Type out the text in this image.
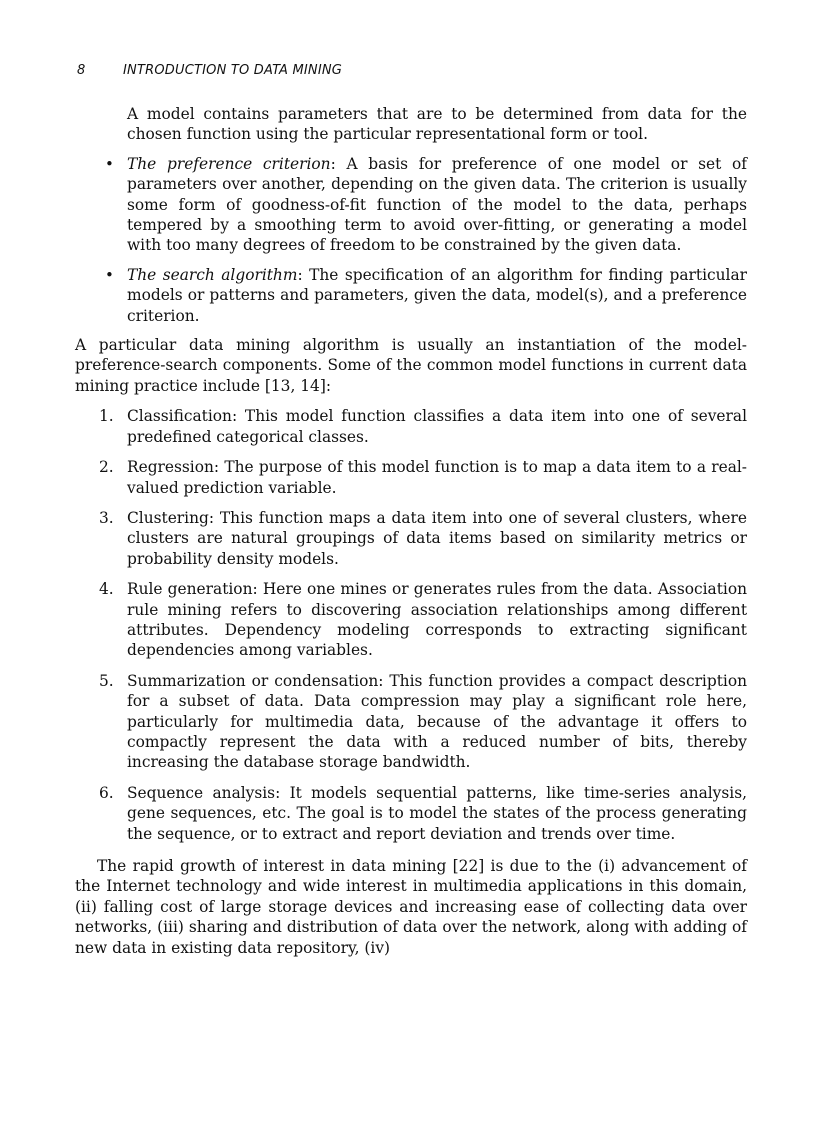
8	INTRODUCTION TO DATA MINING

A model contains parameters that are to be determined from data for the chosen function using the particular representational form or tool.

• The preference criterion: A basis for preference of one model or set of parameters over another, depending on the given data. The criterion is usually some form of goodness-of-fit function of the model to the data, perhaps tempered by a smoothing term to avoid over-fitting, or generating a model with too many degrees of freedom to be constrained by the given data.
• The search algorithm: The specification of an algorithm for finding particular models or patterns and parameters, given the data, model(s), and a preference criterion.

A particular data mining algorithm is usually an instantiation of the model-preference-search components. Some of the common model functions in current data mining practice include [13, 14]:

1. Classification: This model function classifies a data item into one of several predefined categorical classes.
2. Regression: The purpose of this model function is to map a data item to a real-valued prediction variable.
3. Clustering: This function maps a data item into one of several clusters, where clusters are natural groupings of data items based on similarity metrics or probability density models.
4. Rule generation: Here one mines or generates rules from the data. Association rule mining refers to discovering association relationships among different attributes. Dependency modeling corresponds to extracting significant dependencies among variables.
5. Summarization or condensation: This function provides a compact description for a subset of data. Data compression may play a significant role here, particularly for multimedia data, because of the advantage it offers to compactly represent the data with a reduced number of bits, thereby increasing the database storage bandwidth.
6. Sequence analysis: It models sequential patterns, like time-series analysis, gene sequences, etc. The goal is to model the states of the process generating the sequence, or to extract and report deviation and trends over time.

The rapid growth of interest in data mining [22] is due to the (i) advancement of the Internet technology and wide interest in multimedia applications in this domain, (ii) falling cost of large storage devices and increasing ease of collecting data over networks, (iii) sharing and distribution of data over the network, along with adding of new data in existing data repository, (iv)
